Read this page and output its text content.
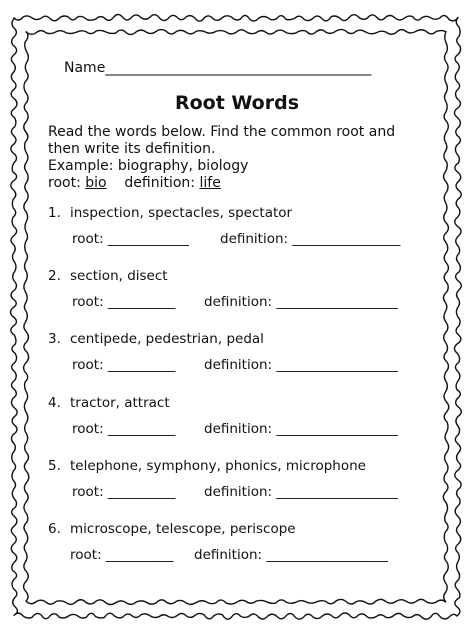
Name______________________________________
Root Words
Read the words below. Find the common root and
then write its definition.
Example: biography, biology
root: bio definition: life
1. inspection, spectacles, spectator
root: ____________ definition: ________________
2. section, disect
root: __________ definition: __________________
3. centipede, pedestrian, pedal
root: __________ definition: __________________
4. tractor, attract
root: __________ definition: __________________
5. telephone, symphony, phonics, microphone
root: __________ definition: __________________
6. microscope, telescope, periscope
root: __________ definition: __________________
